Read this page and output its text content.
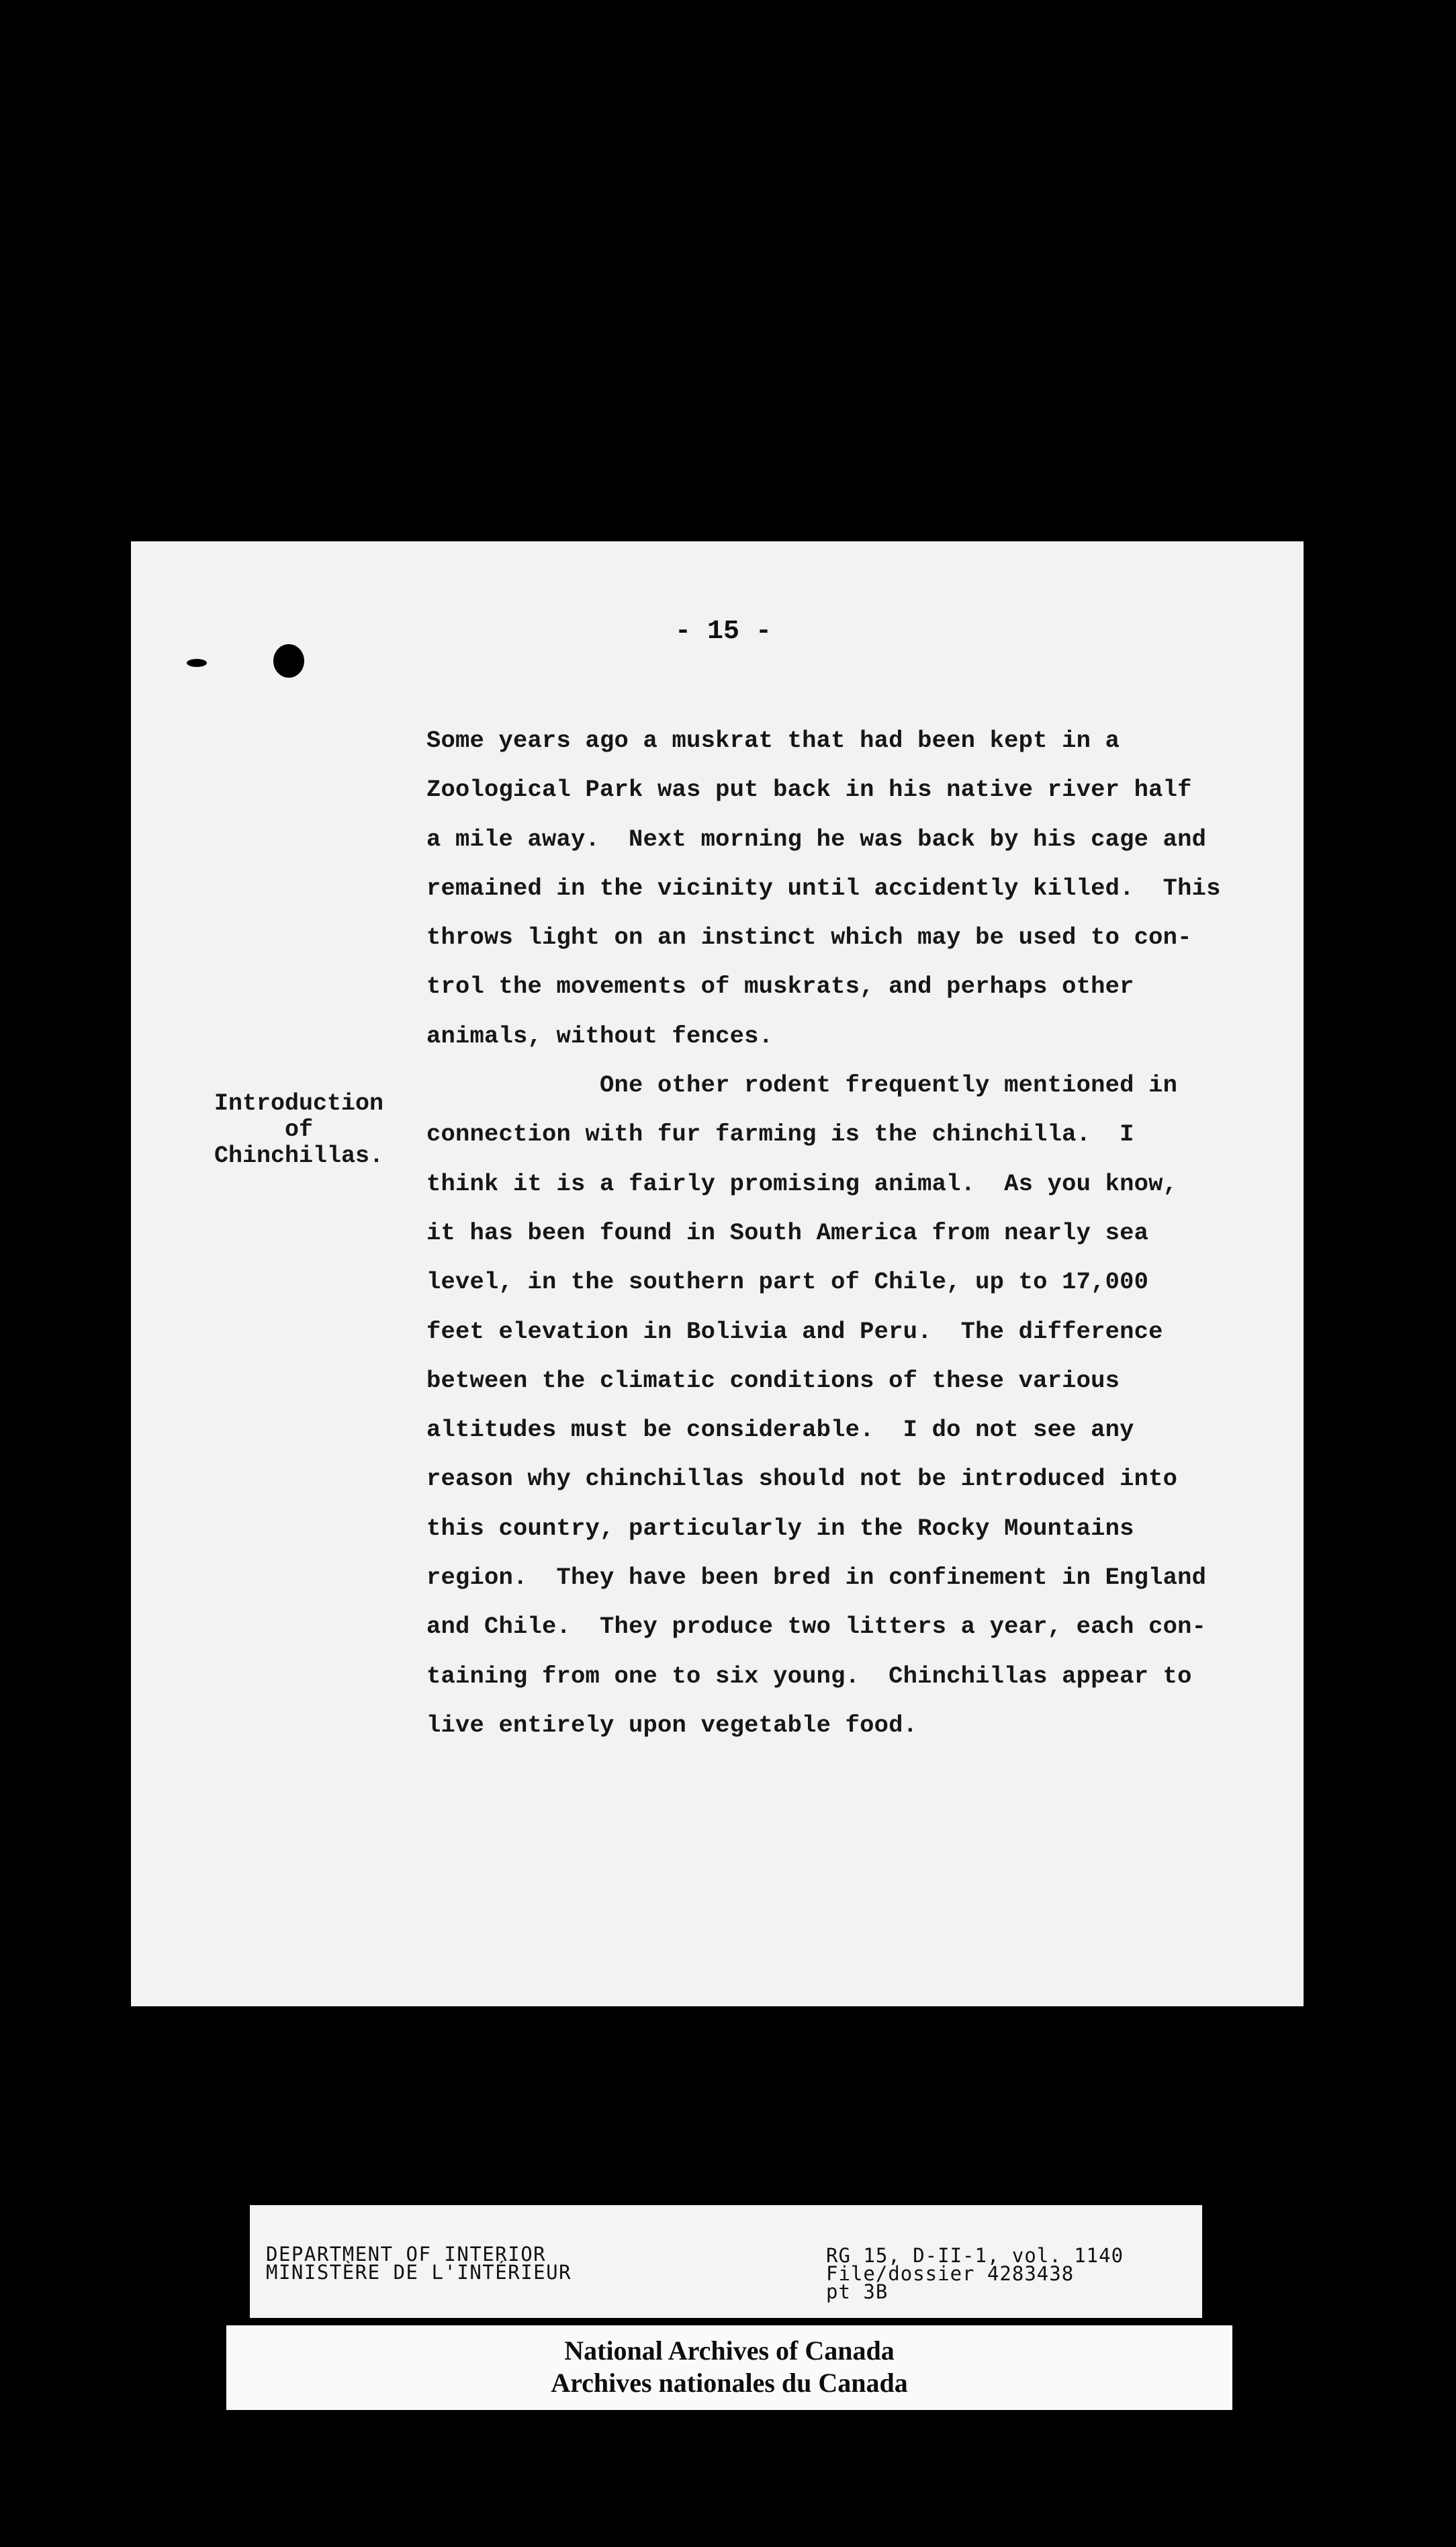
- 15 -
Introduction
of
Chinchillas.
Some years ago a muskrat that had been kept in a
Zoological Park was put back in his native river half
a mile away.  Next morning he was back by his cage and
remained in the vicinity until accidently killed.  This
throws light on an instinct which may be used to con-
trol the movements of muskrats, and perhaps other
animals, without fences.
One other rodent frequently mentioned in
connection with fur farming is the chinchilla.  I
think it is a fairly promising animal.  As you know,
it has been found in South America from nearly sea
level, in the southern part of Chile, up to 17,000
feet elevation in Bolivia and Peru.  The difference
between the climatic conditions of these various
altitudes must be considerable.  I do not see any
reason why chinchillas should not be introduced into
this country, particularly in the Rocky Mountains
region.  They have been bred in confinement in England
and Chile.  They produce two litters a year, each con-
taining from one to six young.  Chinchillas appear to
live entirely upon vegetable food.
DEPARTMENT OF INTERIOR
MINISTÈRE DE L'INTÉRIEUR
RG 15, D-II-1, vol. 1140
File/dossier 4283438
pt 3B
National Archives of Canada
Archives nationales du Canada
